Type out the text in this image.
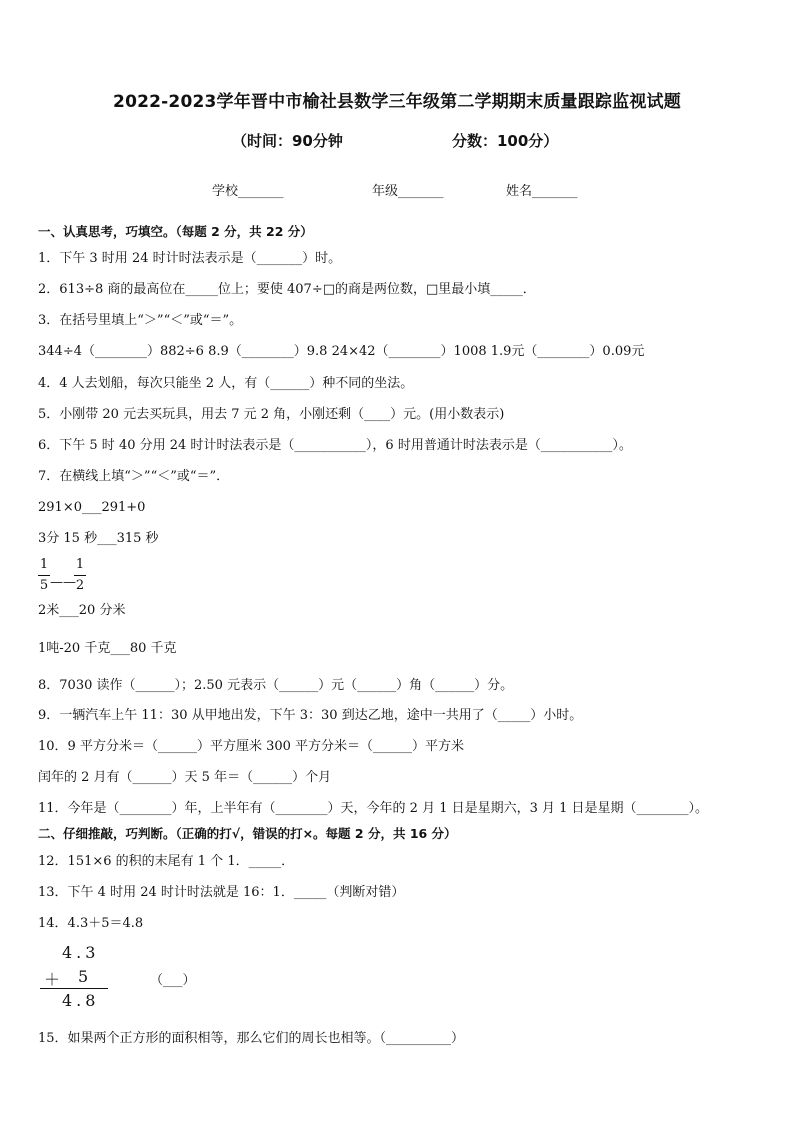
2022-2023学年晋中市榆社县数学三年级第二学期期末质量跟踪监视试题
（时间：90分钟	分数：100分）
学校_______	年级_______	姓名_______
一、认真思考，巧填空。（每题 2 分，共 22 分）
1．下午 3 时用 24 时计时法表示是（_______）时。
2．613÷8 商的最高位在_____位上；要使 407÷□的商是两位数，□里最小填_____．
3．在括号里填上“＞”“＜”或“＝”。
344÷4（________）882÷6 8.9（________）9.8 24×42（________）1008 1.9元（________）0.09元
4．4 人去划船，每次只能坐 2 人，有（______）种不同的坐法。
5．小刚带 20 元去买玩具，用去 7 元 2 角，小刚还剩（____）元。(用小数表示)
6．下午 5 时 40 分用 24 时计时法表示是（___________），6 时用普通计时法表示是（___________）。
7．在横线上填“＞”“＜”或“＝”．
291×0___291+0
3分 15 秒___315 秒
1
5 ——
1
2
2米___20 分米
1吨-20 千克___80 千克
8．7030 读作（______）；2.50 元表示（______）元（______）角（______）分。
9．一辆汽车上午 11：30 从甲地出发，下午 3：30 到达乙地，途中一共用了（_____）小时。
10．9 平方分米＝（______）平方厘米 300 平方分米＝（______）平方米
闰年的 2 月有（______）天 5 年＝（______）个月
11．今年是（________）年，上半年有（________）天，今年的 2 月 1 日是星期六，3 月 1 日是星期（________）。
二、仔细推敲，巧判断。（正确的打√，错误的打×。每题 2 分，共 16 分）
12．151×6 的积的末尾有 1 个 1．_____．
13．下午 4 时用 24 时计时法就是 16：1．_____（判断对错）
14．4.3＋5＝4.8
4.3
＋ 5
4.8
（___）
15．如果两个正方形的面积相等，那么它们的周长也相等。（__________）
